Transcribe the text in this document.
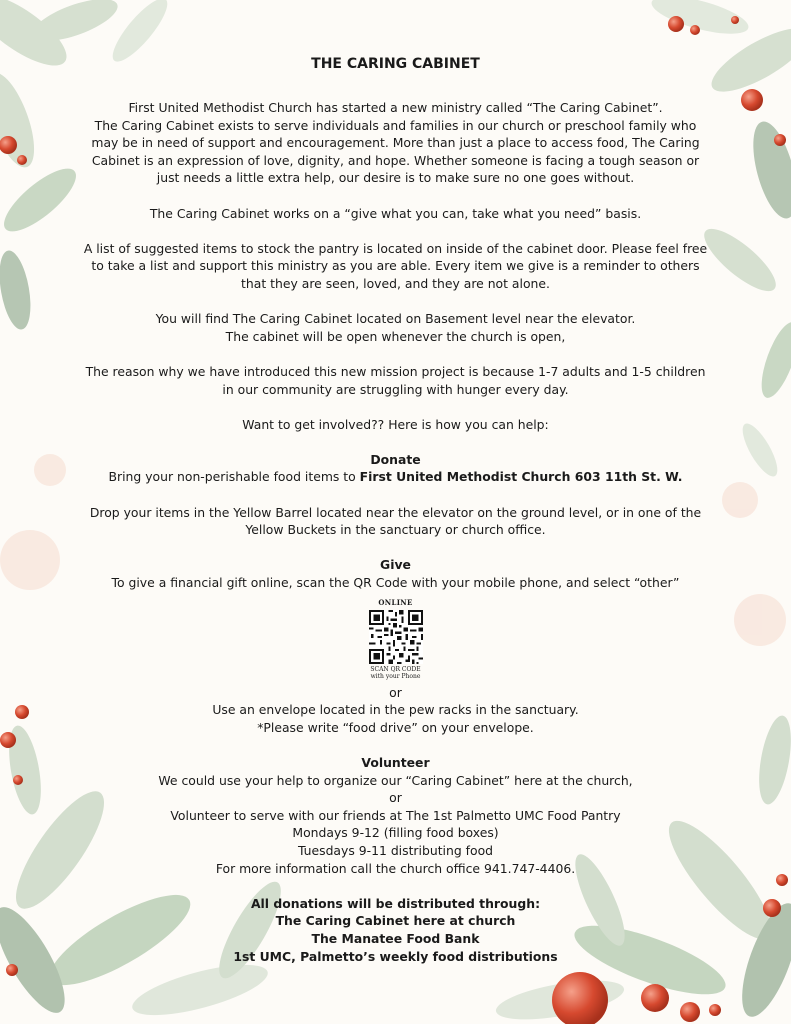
THE CARING CABINET

First United Methodist Church has started a new ministry called “The Caring Cabinet”.

The Caring Cabinet exists to serve individuals and families in our church or preschool family who

may be in need of support and encouragement. More than just a place to access food, The Caring

Cabinet is an expression of love, dignity, and hope. Whether someone is facing a tough season or

just needs a little extra help, our desire is to make sure no one goes without.

The Caring Cabinet works on a “give what you can, take what you need” basis.

A list of suggested items to stock the pantry is located on inside of the cabinet door. Please feel free

to take a list and support this ministry as you are able. Every item we give is a reminder to others

that they are seen, loved, and they are not alone.

You will find The Caring Cabinet located on Basement level near the elevator.

The cabinet will be open whenever the church is open,

The reason why we have introduced this new mission project is because 1-7 adults and 1-5 children

in our community are struggling with hunger every day.

Want to get involved?? Here is how you can help:

Donate

Bring your non-perishable food items to First United Methodist Church 603 11th St. W.

Drop your items in the Yellow Barrel located near the elevator on the ground level, or in one of the

Yellow Buckets in the sanctuary or church office.

Give

To give a financial gift online, scan the QR Code with your mobile phone, and select “other”

ONLINE
SCAN QR CODE
with your Phone

or

Use an envelope located in the pew racks in the sanctuary.

*Please write “food drive” on your envelope.

Volunteer

We could use your help to organize our “Caring Cabinet” here at the church,

or

Volunteer to serve with our friends at The 1st Palmetto UMC Food Pantry

Mondays 9-12 (filling food boxes)

Tuesdays 9-11 distributing food

For more information call the church office 941.747-4406.

All donations will be distributed through:

The Caring Cabinet here at church

The Manatee Food Bank

1st UMC, Palmetto’s weekly food distributions
